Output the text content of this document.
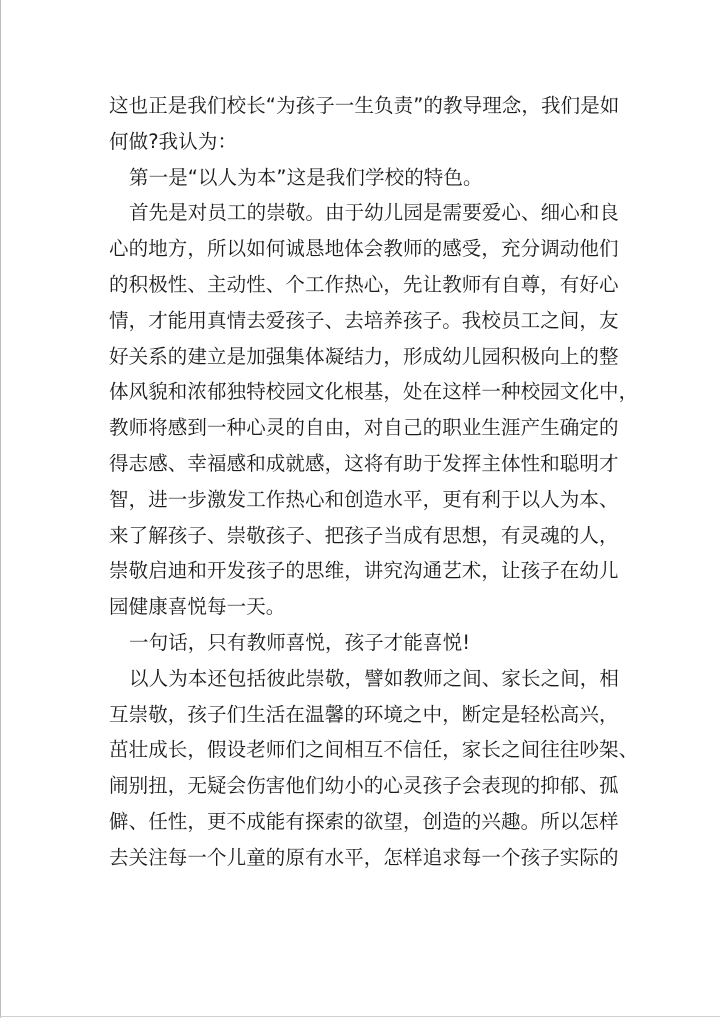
这也正是我们校长“为孩子一生负责”的教导理念，我们是如
何做?我认为：
第一是“以人为本”这是我们学校的特色。
首先是对员工的崇敬。由于幼儿园是需要爱心、细心和良
心的地方，所以如何诚恳地体会教师的感受，充分调动他们
的积极性、主动性、个工作热心，先让教师有自尊，有好心
情，才能用真情去爱孩子、去培养孩子。我校员工之间，友
好关系的建立是加强集体凝结力，形成幼儿园积极向上的整
体风貌和浓郁独特校园文化根基，处在这样一种校园文化中，
教师将感到一种心灵的自由，对自己的职业生涯产生确定的
得志感、幸福感和成就感，这将有助于发挥主体性和聪明才
智，进一步激发工作热心和创造水平，更有利于以人为本、
来了解孩子、崇敬孩子、把孩子当成有思想，有灵魂的人，
崇敬启迪和开发孩子的思维，讲究沟通艺术，让孩子在幼儿
园健康喜悦每一天。
一句话，只有教师喜悦，孩子才能喜悦!
以人为本还包括彼此崇敬，譬如教师之间、家长之间，相
互崇敬，孩子们生活在温馨的环境之中，断定是轻松高兴，
茁壮成长，假设老师们之间相互不信任，家长之间往往吵架、
闹别扭，无疑会伤害他们幼小的心灵孩子会表现的抑郁、孤
僻、任性，更不成能有探索的欲望，创造的兴趣。所以怎样
去关注每一个儿童的原有水平，怎样追求每一个孩子实际的
